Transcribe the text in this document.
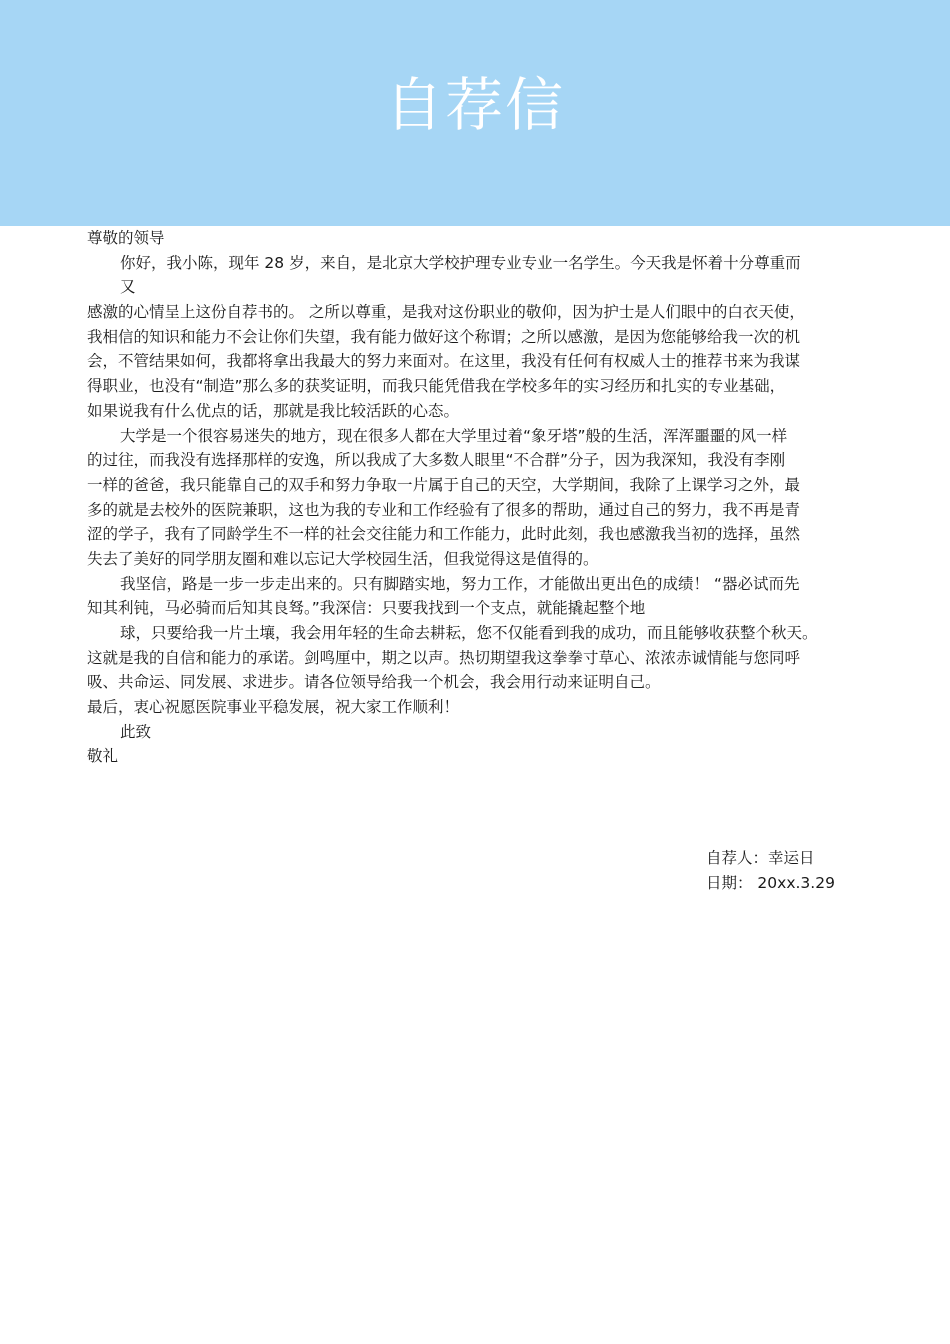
自荐信
尊敬的领导
你好，我小陈，现年 28 岁，来自，是北京大学校护理专业专业一名学生。今天我是怀着十分尊重而
又
感激的心情呈上这份自荐书的。 之所以尊重，是我对这份职业的敬仰，因为护士是人们眼中的白衣天使，
我相信的知识和能力不会让你们失望，我有能力做好这个称谓；之所以感激，是因为您能够给我一次的机
会，不管结果如何，我都将拿出我最大的努力来面对。在这里，我没有任何有权威人士的推荐书来为我谋
得职业，也没有“制造”那么多的获奖证明，而我只能凭借我在学校多年的实习经历和扎实的专业基础，
如果说我有什么优点的话，那就是我比较活跃的心态。
大学是一个很容易迷失的地方，现在很多人都在大学里过着“象牙塔”般的生活，浑浑噩噩的风一样
的过往，而我没有选择那样的安逸，所以我成了大多数人眼里“不合群”分子，因为我深知，我没有李刚
一样的爸爸，我只能靠自己的双手和努力争取一片属于自己的天空，大学期间，我除了上课学习之外，最
多的就是去校外的医院兼职，这也为我的专业和工作经验有了很多的帮助，通过自己的努力，我不再是青
涩的学子，我有了同龄学生不一样的社会交往能力和工作能力，此时此刻，我也感激我当初的选择，虽然
失去了美好的同学朋友圈和难以忘记大学校园生活，但我觉得这是值得的。
我坚信，路是一步一步走出来的。只有脚踏实地，努力工作，才能做出更出色的成绩！ “器必试而先
知其利钝，马必骑而后知其良驽。”我深信：只要我找到一个支点，就能撬起整个地
球，只要给我一片土壤，我会用年轻的生命去耕耘，您不仅能看到我的成功，而且能够收获整个秋天。
这就是我的自信和能力的承诺。剑鸣厘中，期之以声。热切期望我这拳拳寸草心、浓浓赤诚情能与您同呼
吸、共命运、同发展、求进步。请各位领导给我一个机会，我会用行动来证明自己。
最后，衷心祝愿医院事业平稳发展，祝大家工作顺利！
此致
敬礼
自荐人：幸运日
日期： 20xx.3.29
